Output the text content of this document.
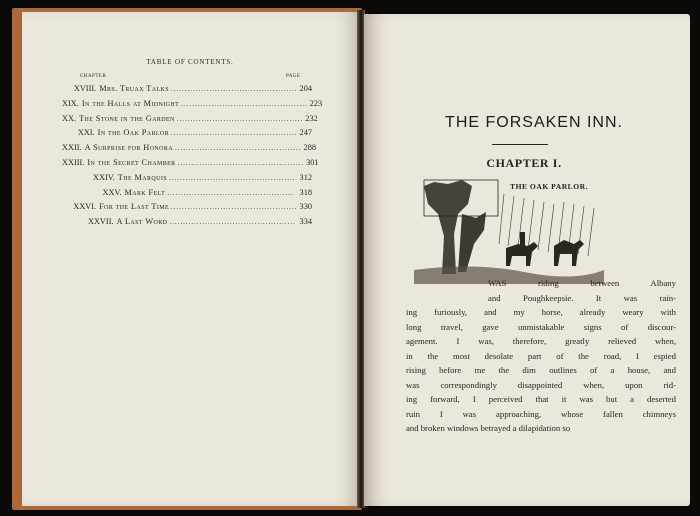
TABLE OF CONTENTS.
CHAPTER	PAGE
XVIII. Mrs. Truax Talks .............................................. 204
XIX. In the Halls at Midnight .............................................. 223
XX. The Stone in the Garden .............................................. 232
XXI. In the Oak Parlor .............................................. 247
XXII. A Surprise for Honora .............................................. 288
XXIII. In the Secret Chamber .............................................. 301
XXIV. The Marquis .............................................. 312
XXV. Mark Felt .............................................. 318
XXVI. For the Last Time .............................................. 330
XXVII. A Last Word .............................................. 334
THE FORSAKEN INN.
CHAPTER I.
THE OAK PARLOR.
WAS riding between Albany
and Poughkeepsie. It was rain-
ing furiously, and my horse, already weary with
long travel, gave unmistakable signs of discour-
agement. I was, therefore, greatly relieved when,
in the most desolate part of the road, I espied
rising before me the dim outlines of a house, and
was correspondingly disappointed when, upon rid-
ing forward, I perceived that it was but a deserted
ruin I was approaching, whose fallen chimneys
and broken windows betrayed a dilapidation so
